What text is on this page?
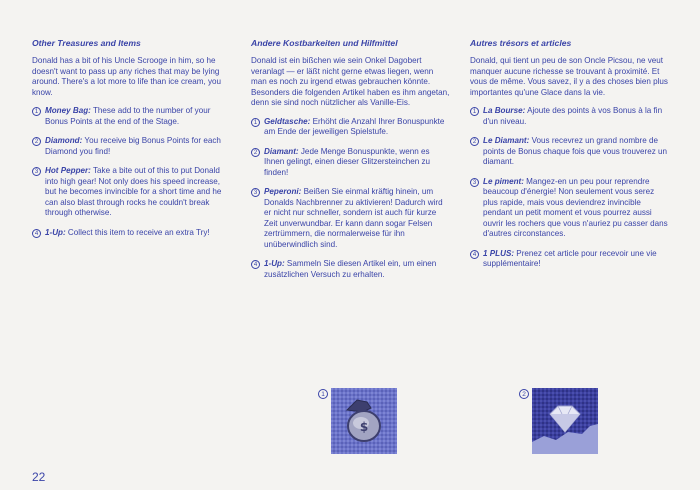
Other Treasures and Items
Donald has a bit of his Uncle Scrooge in him, so he doesn't want to pass up any riches that may be lying around. There's a lot more to life than ice cream, you know.
1 Money Bag: These add to the number of your Bonus Points at the end of the Stage.
2 Diamond: You receive big Bonus Points for each Diamond you find!
3 Hot Pepper: Take a bite out of this to put Donald into high gear! Not only does his speed increase, but he becomes invincible for a short time and he can also blast through rocks he couldn't break through otherwise.
4 1-Up: Collect this item to receive an extra Try!
Andere Kostbarkeiten und Hilfmittel
Donald ist ein bißchen wie sein Onkel Dagobert veranlagt — er läßt nicht gerne etwas liegen, wenn man es noch zu irgend etwas gebrauchen könnte. Besonders die folgenden Artikel haben es ihm angetan, denn sie sind noch nützlicher als Vanille-Eis.
1 Geldtasche: Erhöht die Anzahl Ihrer Bonuspunkte am Ende der jeweiligen Spielstufe.
2 Diamant: Jede Menge Bonuspunkte, wenn es Ihnen gelingt, einen dieser Glitzersteinchen zu finden!
3 Peperoni: Beißen Sie einmal kräftig hinein, um Donalds Nachbrenner zu aktivieren! Dadurch wird er nicht nur schneller, sondern ist auch für kurze Zeit unverwundbar. Er kann dann sogar Felsen zertrümmern, die normalerweise für ihn unüberwindlich sind.
4 1-Up: Sammeln Sie diesen Artikel ein, um einen zusätzlichen Versuch zu erhalten.
Autres trésors et articles
Donald, qui tient un peu de son Oncle Picsou, ne veut manquer aucune richesse se trouvant à proximité. Et vous de même. Vous savez, il y a des choses bien plus importantes qu'une Glace dans la vie.
1 La Bourse: Ajoute des points à vos Bonus à la fin d'un niveau.
2 Le Diamant: Vous recevrez un grand nombre de points de Bonus chaque fois que vous trouverez un diamant.
3 Le piment: Mangez-en un peu pour reprendre beaucoup d'énergie! Non seulement vous serez plus rapide, mais vous deviendrez invincible pendant un petit moment et vous pourrez aussi ouvrir les rochers que vous n'auriez pu casser dans d'autres circonstances.
4 1 PLUS: Prenez cet article pour recevoir une vie supplémentaire!
1
$
2
22
